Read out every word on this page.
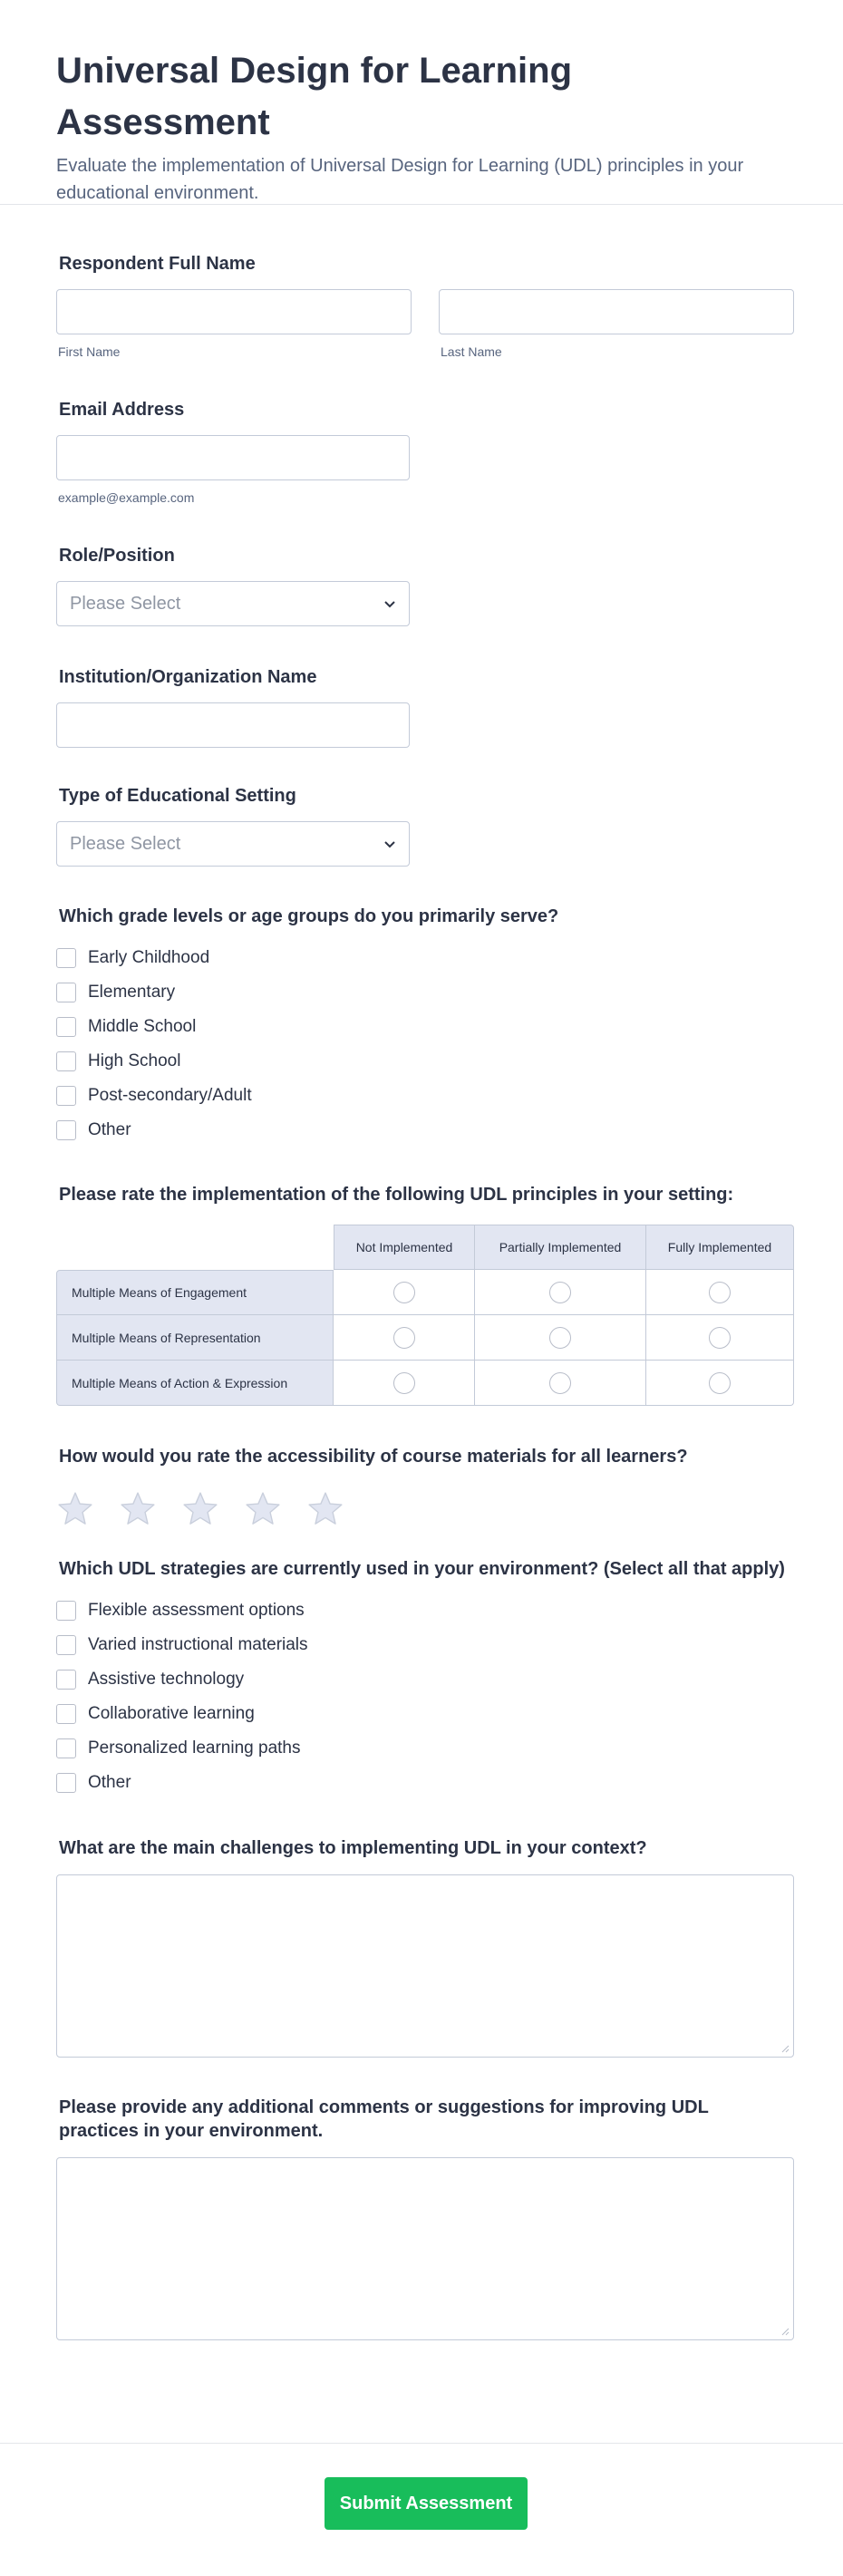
Universal Design for Learning Assessment
Evaluate the implementation of Universal Design for Learning (UDL) principles in your educational environment.
Respondent Full Name
First Name	Last Name
Email Address
example@example.com
Role/Position
Please Select
Institution/Organization Name
Type of Educational Setting
Please Select
Which grade levels or age groups do you primarily serve?
Early Childhood
Elementary
Middle School
High School
Post-secondary/Adult
Other
Please rate the implementation of the following UDL principles in your setting:
	Not Implemented	Partially Implemented	Fully Implemented
Multiple Means of Engagement			
Multiple Means of Representation			
Multiple Means of Action & Expression			
How would you rate the accessibility of course materials for all learners?
Which UDL strategies are currently used in your environment? (Select all that apply)
Flexible assessment options
Varied instructional materials
Assistive technology
Collaborative learning
Personalized learning paths
Other
What are the main challenges to implementing UDL in your context?
Please provide any additional comments or suggestions for improving UDL practices in your environment.
Submit Assessment
